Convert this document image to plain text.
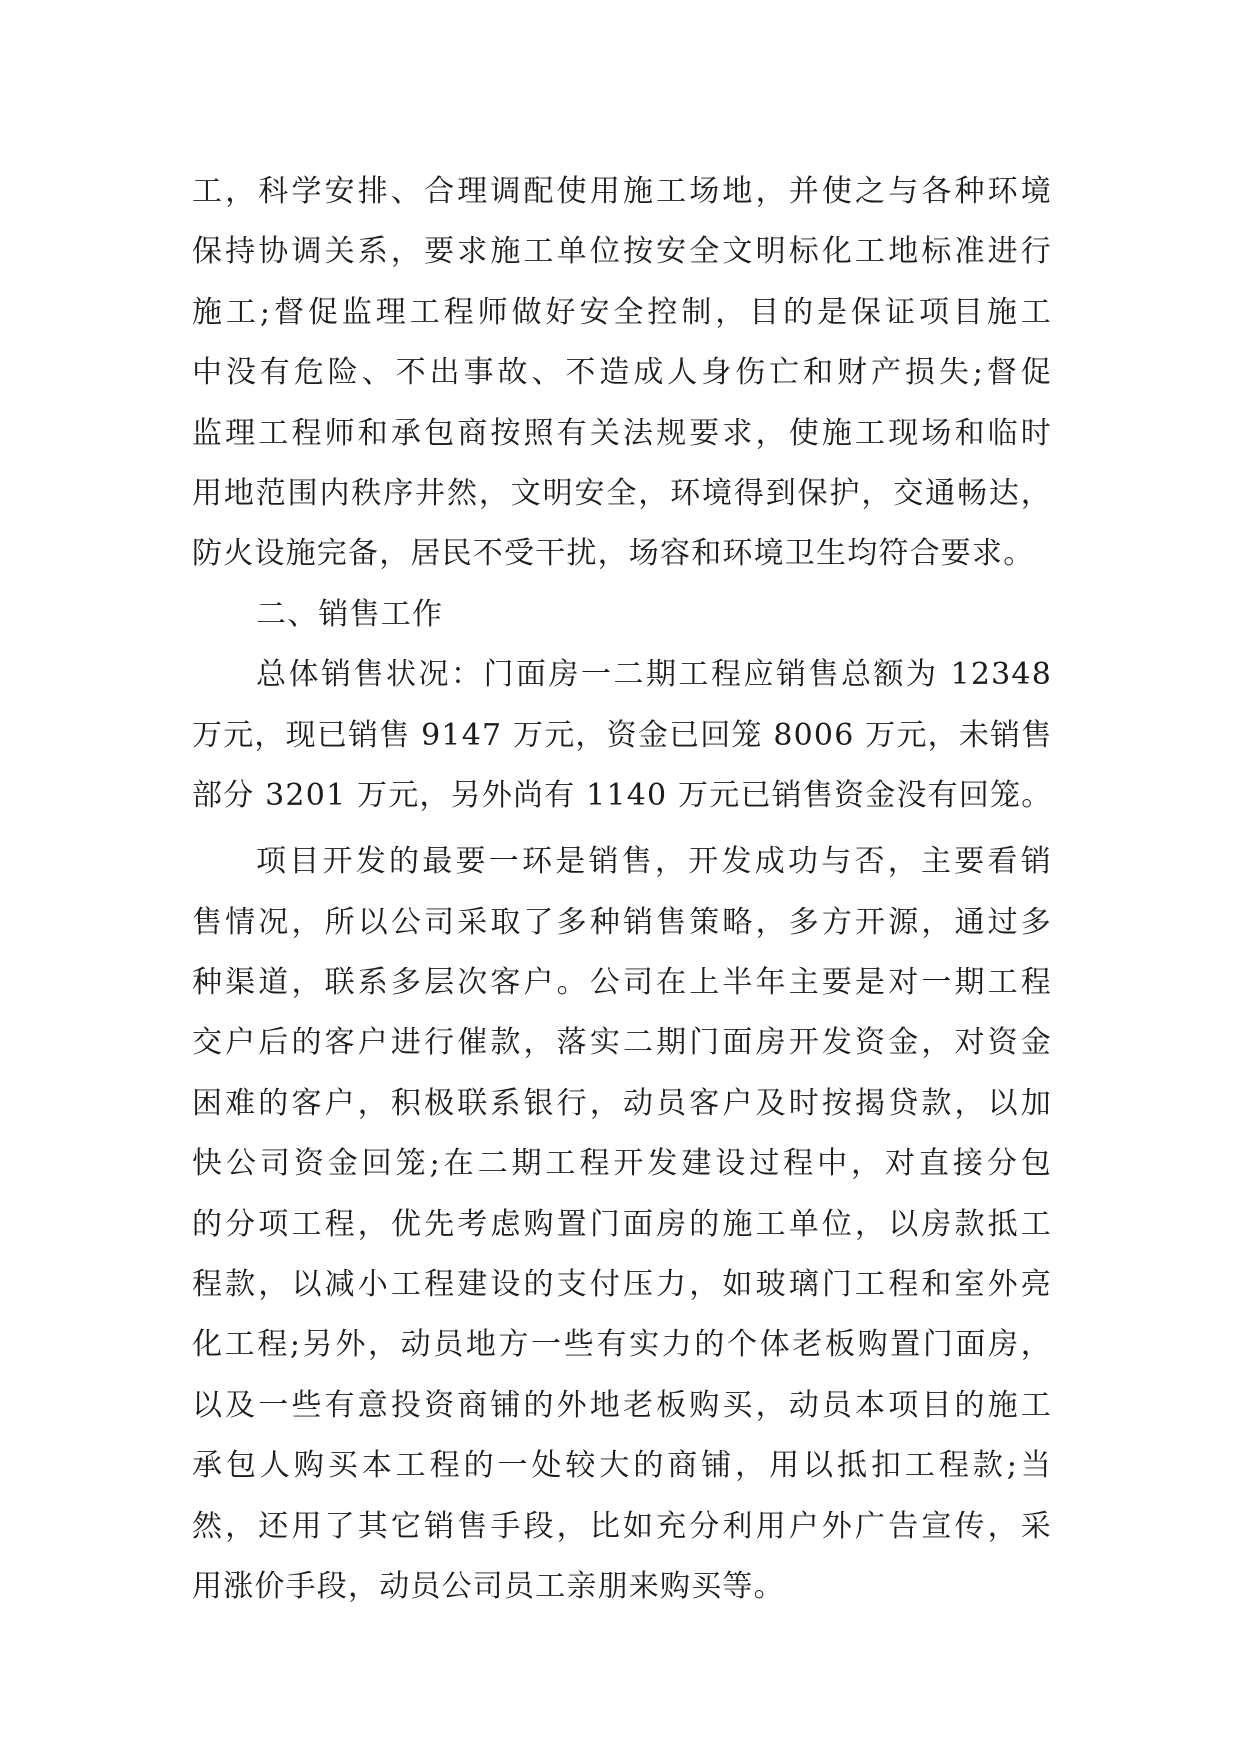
工，科学安排、合理调配使用施工场地，并使之与各种环境
保持协调关系，要求施工单位按安全文明标化工地标准进行
施工;督促监理工程师做好安全控制，目的是保证项目施工
中没有危险、不出事故、不造成人身伤亡和财产损失;督促
监理工程师和承包商按照有关法规要求，使施工现场和临时
用地范围内秩序井然，文明安全，环境得到保护，交通畅达，
防火设施完备，居民不受干扰，场容和环境卫生均符合要求。
二、销售工作
总体销售状况：门面房一二期工程应销售总额为 12348
万元，现已销售 9147 万元，资金已回笼 8006 万元，未销售
部分 3201 万元，另外尚有 1140 万元已销售资金没有回笼。
项目开发的最要一环是销售，开发成功与否，主要看销
售情况，所以公司采取了多种销售策略，多方开源，通过多
种渠道，联系多层次客户。公司在上半年主要是对一期工程
交户后的客户进行催款，落实二期门面房开发资金，对资金
困难的客户，积极联系银行，动员客户及时按揭贷款，以加
快公司资金回笼;在二期工程开发建设过程中，对直接分包
的分项工程，优先考虑购置门面房的施工单位，以房款抵工
程款，以减小工程建设的支付压力，如玻璃门工程和室外亮
化工程;另外，动员地方一些有实力的个体老板购置门面房，
以及一些有意投资商铺的外地老板购买，动员本项目的施工
承包人购买本工程的一处较大的商铺，用以抵扣工程款;当
然，还用了其它销售手段，比如充分利用户外广告宣传，采
用涨价手段，动员公司员工亲朋来购买等。
